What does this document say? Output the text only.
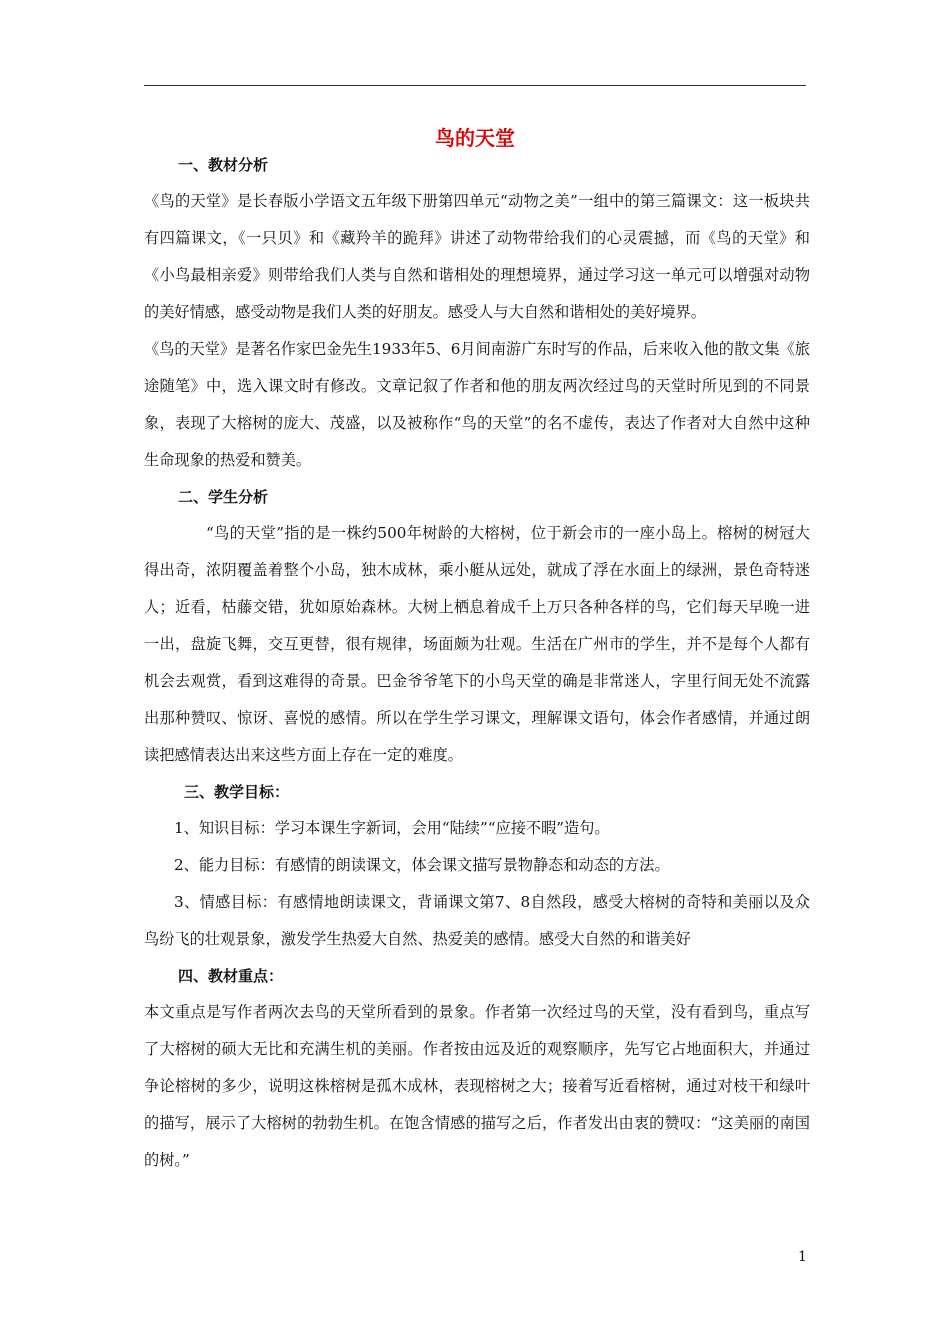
鸟的天堂

一、教材分析

《鸟的天堂》是长春版小学语文五年级下册第四单元“动物之美”一组中的第三篇课文：这一板块共有四篇课文，《一只贝》和《藏羚羊的跪拜》讲述了动物带给我们的心灵震撼，而《鸟的天堂》和《小鸟最相亲爱》则带给我们人类与自然和谐相处的理想境界，通过学习这一单元可以增强对动物的美好情感，感受动物是我们人类的好朋友。感受人与大自然和谐相处的美好境界。

《鸟的天堂》是著名作家巴金先生1933年5、6月间南游广东时写的作品，后来收入他的散文集《旅途随笔》中，选入课文时有修改。文章记叙了作者和他的朋友两次经过鸟的天堂时所见到的不同景象，表现了大榕树的庞大、茂盛，以及被称作“鸟的天堂”的名不虚传，表达了作者对大自然中这种生命现象的热爱和赞美。

二、学生分析

“鸟的天堂”指的是一株约500年树龄的大榕树，位于新会市的一座小岛上。榕树的树冠大得出奇，浓阴覆盖着整个小岛，独木成林，乘小艇从远处，就成了浮在水面上的绿洲，景色奇特迷人；近看，枯藤交错，犹如原始森林。大树上栖息着成千上万只各种各样的鸟，它们每天早晚一进一出，盘旋飞舞，交互更替，很有规律，场面颇为壮观。生活在广州市的学生，并不是每个人都有机会去观赏，看到这难得的奇景。巴金爷爷笔下的小鸟天堂的确是非常迷人，字里行间无处不流露出那种赞叹、惊讶、喜悦的感情。所以在学生学习课文，理解课文语句，体会作者感情，并通过朗读把感情表达出来这些方面上存在一定的难度。

三、教学目标：

1、知识目标：学习本课生字新词，会用“陆续”“应接不暇”造句。

2、能力目标：有感情的朗读课文，体会课文描写景物静态和动态的方法。

3、情感目标：有感情地朗读课文，背诵课文第7、8自然段，感受大榕树的奇特和美丽以及众鸟纷飞的壮观景象，激发学生热爱大自然、热爱美的感情。感受大自然的和谐美好

四、教材重点：

本文重点是写作者两次去鸟的天堂所看到的景象。作者第一次经过鸟的天堂，没有看到鸟，重点写了大榕树的硕大无比和充满生机的美丽。作者按由远及近的观察顺序，先写它占地面积大，并通过争论榕树的多少，说明这株榕树是孤木成林，表现榕树之大；接着写近看榕树，通过对枝干和绿叶的描写，展示了大榕树的勃勃生机。在饱含情感的描写之后，作者发出由衷的赞叹：“这美丽的南国的树。”

1
